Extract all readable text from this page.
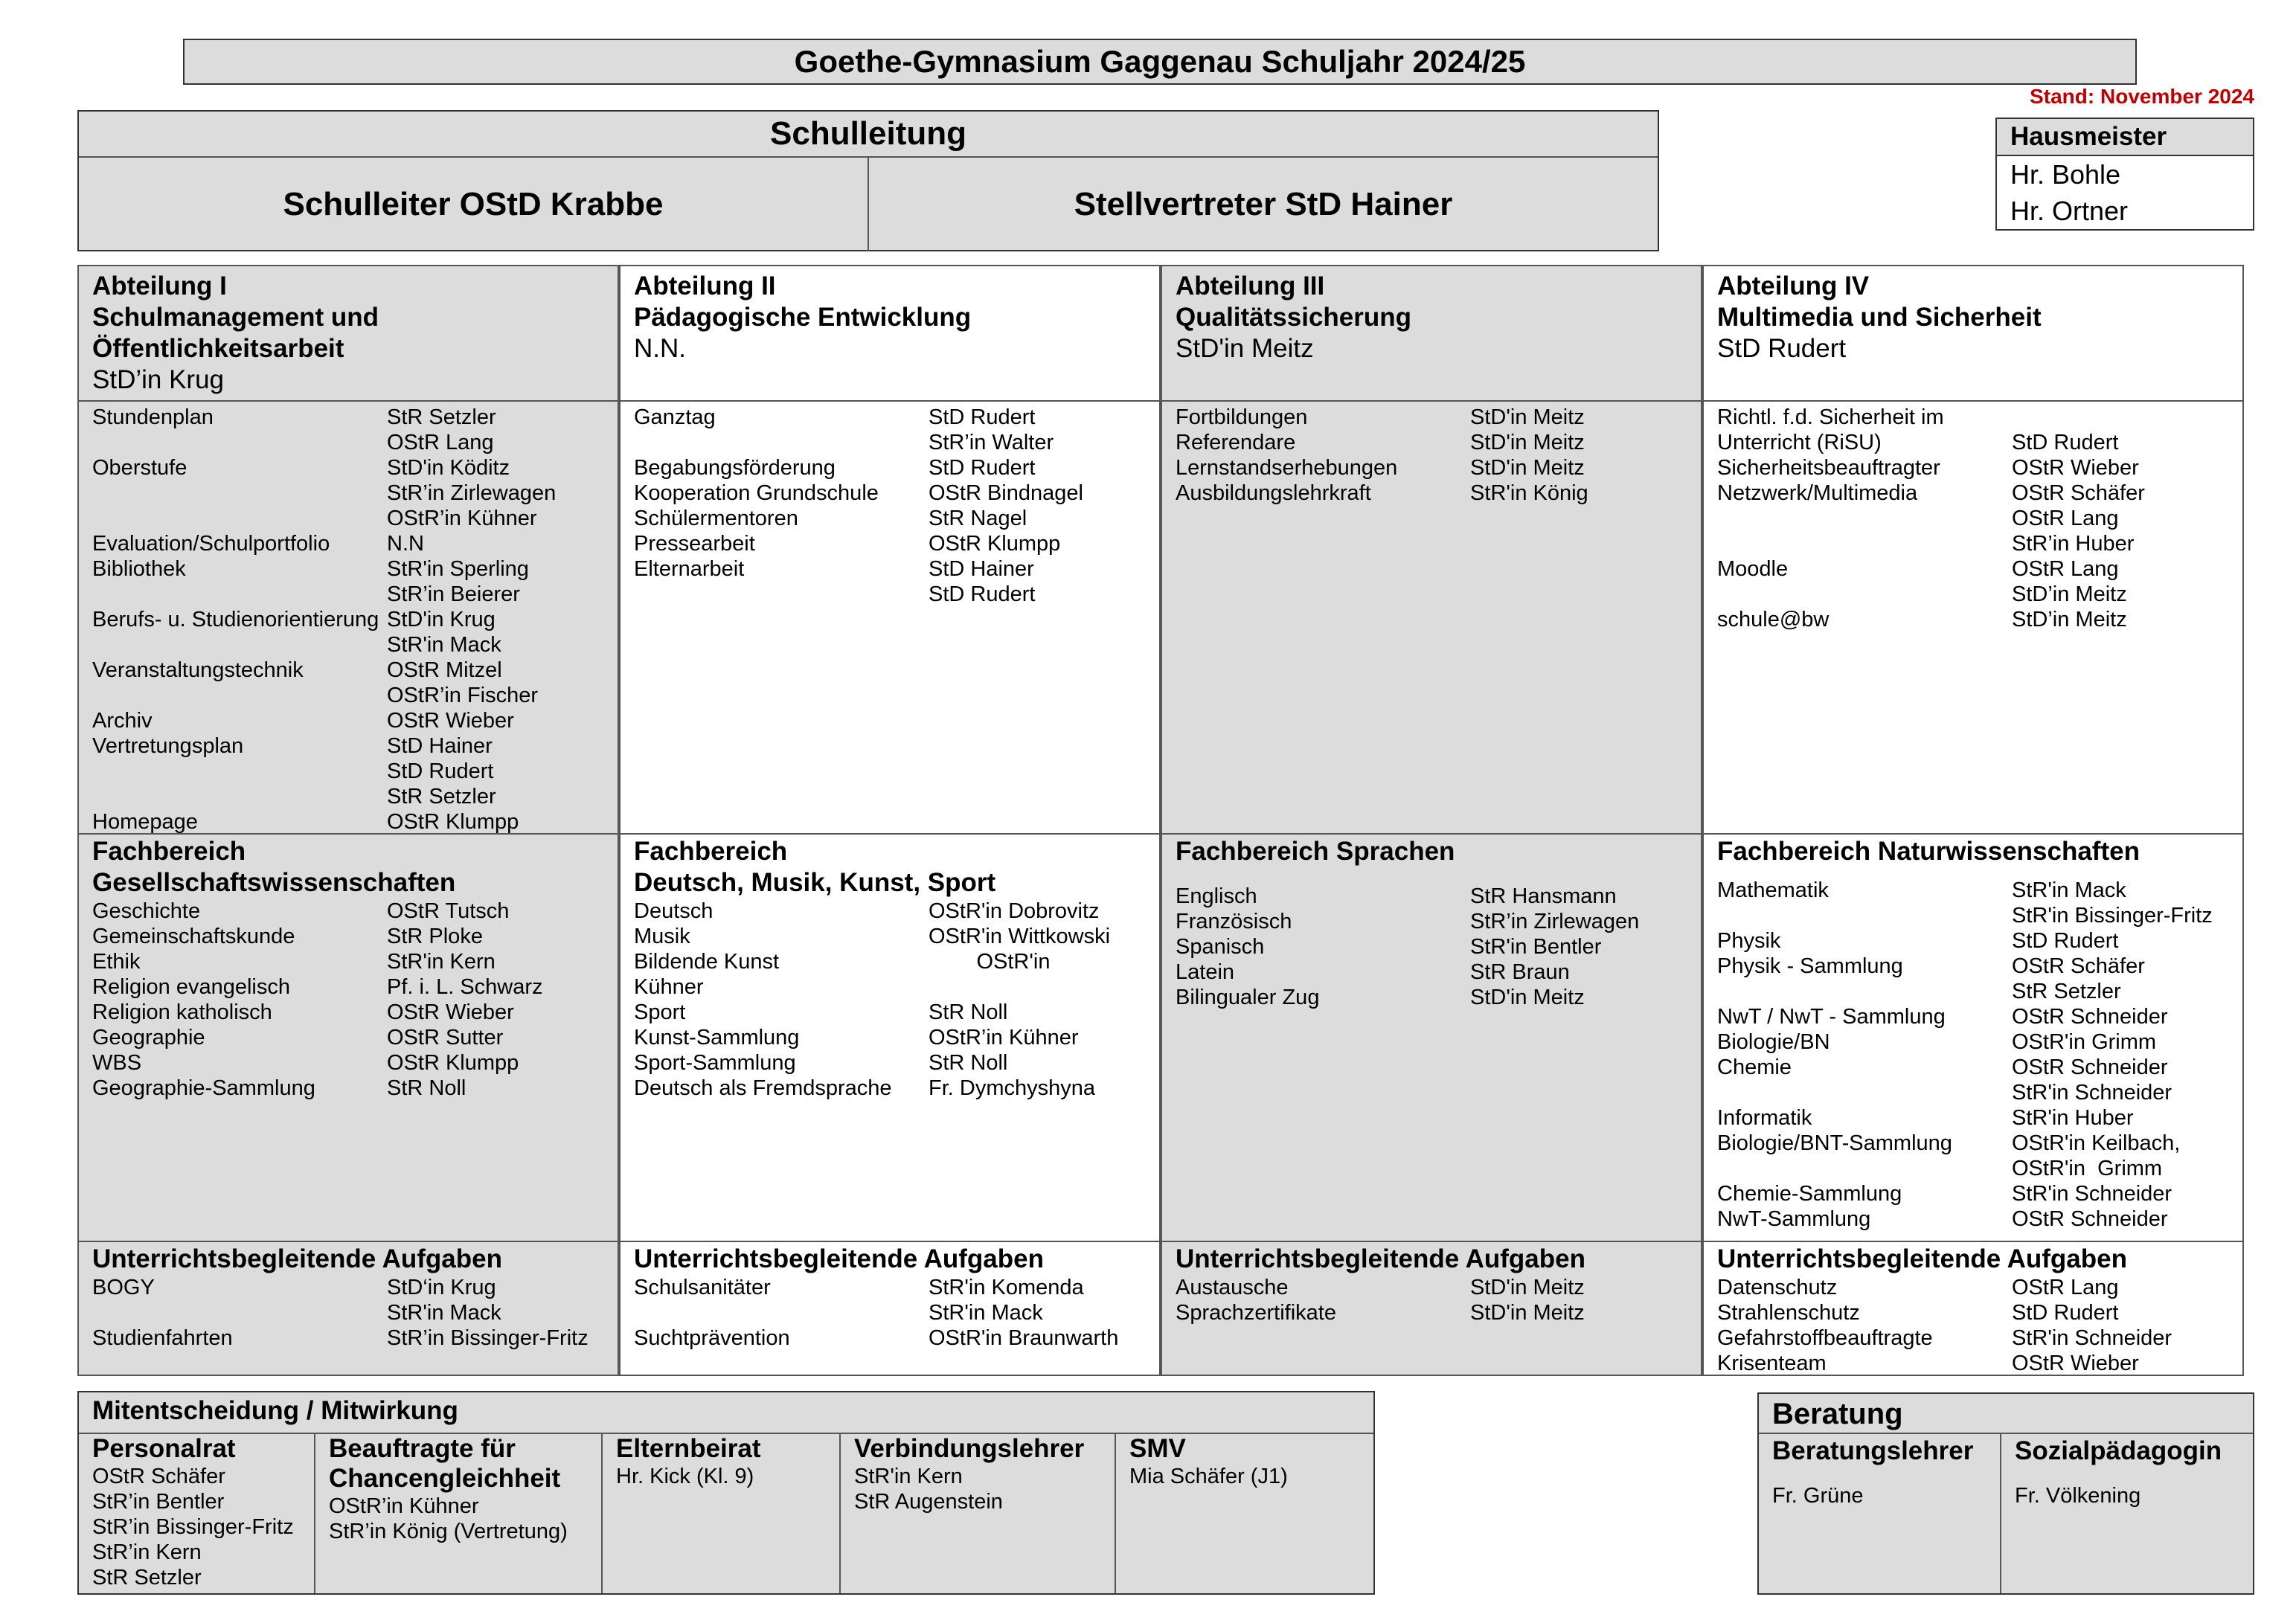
Goethe-Gymnasium Gaggenau Schuljahr 2024/25
Stand: November 2024
Schulleitung
Schulleiter OStD Krabbe	Stellvertreter StD Hainer
Hausmeister
Hr. Bohle
Hr. Ortner
Abteilung I
Schulmanagement und
Öffentlichkeitsarbeit
StD’in Krug
Abteilung II
Pädagogische Entwicklung
N.N.
Abteilung III
Qualitätssicherung
StD'in Meitz
Abteilung IV
Multimedia und Sicherheit
StD Rudert
Stundenplan	StR Setzler
OStR Lang
Oberstufe	StD'in Köditz
StR’in Zirlewagen
OStR’in Kühner
Evaluation/Schulportfolio	N.N
Bibliothek	StR'in Sperling
StR’in Beierer
Berufs- u. Studienorientierung StD'in Krug
StR'in Mack
Veranstaltungstechnik	OStR Mitzel
OStR’in Fischer
Archiv	OStR Wieber
Vertretungsplan	StD Hainer
StD Rudert
StR Setzler
Homepage	OStR Klumpp
Ganztag	StD Rudert
StR’in Walter
Begabungsförderung	StD Rudert
Kooperation Grundschule	OStR Bindnagel
Schülermentoren	StR Nagel
Pressearbeit	OStR Klumpp
Elternarbeit	StD Hainer
StD Rudert
Fortbildungen	StD'in Meitz
Referendare	StD'in Meitz
Lernstandserhebungen	StD'in Meitz
Ausbildungslehrkraft	StR'in König
Richtl. f.d. Sicherheit im
Unterricht (RiSU)	StD Rudert
Sicherheitsbeauftragter	OStR Wieber
Netzwerk/Multimedia	OStR Schäfer
OStR Lang
StR’in Huber
Moodle	OStR Lang
StD’in Meitz
schule@bw	StD’in Meitz
Fachbereich
Gesellschaftswissenschaften
Geschichte	OStR Tutsch
Gemeinschaftskunde	StR Ploke
Ethik	StR'in Kern
Religion evangelisch	Pf. i. L. Schwarz
Religion katholisch	OStR Wieber
Geographie	OStR Sutter
WBS	OStR Klumpp
Geographie-Sammlung	StR Noll
Fachbereich
Deutsch, Musik, Kunst, Sport
Deutsch	OStR'in Dobrovitz
Musik	OStR'in Wittkowski
Bildende Kunst	OStR'in
Kühner
Sport	StR Noll
Kunst-Sammlung	OStR’in Kühner
Sport-Sammlung	StR Noll
Deutsch als Fremdsprache	Fr. Dymchyshyna
Fachbereich Sprachen
Englisch	StR Hansmann
Französisch	StR’in Zirlewagen
Spanisch	StR'in Bentler
Latein	StR Braun
Bilingualer Zug	StD'in Meitz
Fachbereich Naturwissenschaften
Mathematik	StR'in Mack
StR'in Bissinger-Fritz
Physik	StD Rudert
Physik - Sammlung	OStR Schäfer
StR Setzler
NwT / NwT - Sammlung	OStR Schneider
Biologie/BN	OStR'in Grimm
Chemie	OStR Schneider
StR'in Schneider
Informatik	StR'in Huber
Biologie/BNT-Sammlung	OStR'in Keilbach,
OStR'in  Grimm
Chemie-Sammlung	StR'in Schneider
NwT-Sammlung	OStR Schneider
Unterrichtsbegleitende Aufgaben
BOGY	StD‘in Krug
StR'in Mack
Studienfahrten	StR’in Bissinger-Fritz
Unterrichtsbegleitende Aufgaben
Schulsanitäter	StR'in Komenda
StR'in Mack
Suchtprävention	OStR'in Braunwarth
Unterrichtsbegleitende Aufgaben
Austausche	StD'in Meitz
Sprachzertifikate	StD'in Meitz
Unterrichtsbegleitende Aufgaben
Datenschutz	OStR Lang
Strahlenschutz	StD Rudert
Gefahrstoffbeauftragte	StR'in Schneider
Krisenteam	OStR Wieber
Mitentscheidung / Mitwirkung
Personalrat
OStR Schäfer
StR’in Bentler
StR’in Bissinger-Fritz
StR’in Kern
StR Setzler
Beauftragte für
Chancengleichheit
OStR’in Kühner
StR’in König (Vertretung)
Elternbeirat
Hr. Kick (Kl. 9)
Verbindungslehrer
StR'in Kern
StR Augenstein
SMV
Mia Schäfer (J1)
Beratung
Beratungslehrer
Fr. Grüne
Sozialpädagogin
Fr. Völkening
